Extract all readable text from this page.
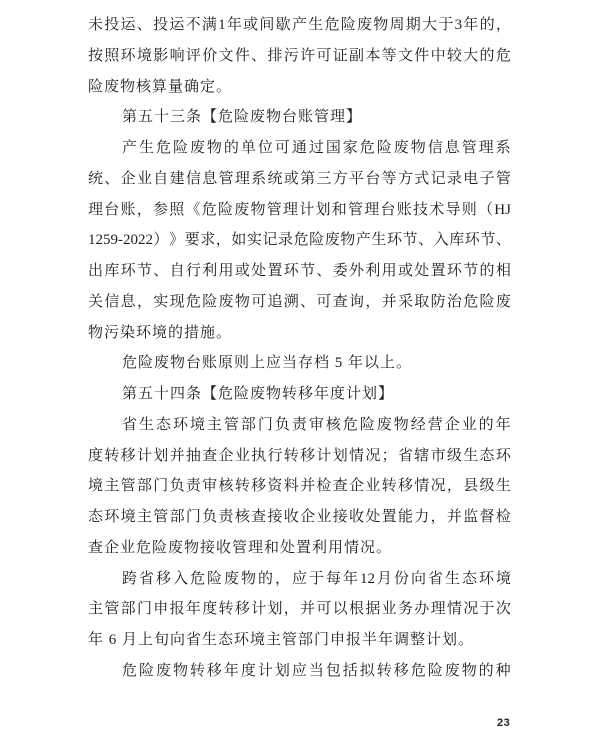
未 投 运 、 投 运 不 满 1 年 或 间 歇 产 生 危 险 废 物 周 期 大 于 3 年 的 ，
按 照 环 境 影 响 评 价 文 件 、 排 污 许 可 证 副 本 等 文 件 中 较 大 的 危
险废物核算量确定。
第五十三条【危险废物台账管理】
产 生 危 险 废 物 的 单 位 可 通 过 国 家 危 险 废 物 信 息 管 理 系
统 、 企 业 自 建 信 息 管 理 系 统 或 第 三 方 平 台 等 方 式 记 录 电 子 管
理 台 账 ， 参 照 《 危 险 废 物 管 理 计 划 和 管 理 台 账 技 术 导 则 （ HJ
1259-2022 ） 》 要 求 ， 如 实 记 录 危 险 废 物 产 生 环 节 、 入 库 环 节 、
出 库 环 节 、 自 行 利 用 或 处 置 环 节 、 委 外 利 用 或 处 置 环 节 的 相
关 信 息 ， 实 现 危 险 废 物 可 追 溯 、 可 查 询 ， 并 采 取 防 治 危 险 废
物污染环境的措施。
危险废物台账原则上应当存档 5 年以上。
第五十四条【危险废物转移年度计划】
省 生 态 环 境 主 管 部 门 负 责 审 核 危 险 废 物 经 营 企 业 的 年
度 转 移 计 划 并 抽 查 企 业 执 行 转 移 计 划 情 况 ； 省 辖 市 级 生 态 环
境 主 管 部 门 负 责 审 核 转 移 资 料 并 检 查 企 业 转 移 情 况 ， 县 级 生
态 环 境 主 管 部 门 负 责 核 查 接 收 企 业 接 收 处 置 能 力 ， 并 监 督 检
查企业危险废物接收管理和处置利用情况。
跨 省 移 入 危 险 废 物 的 ， 应 于 每 年 12 月 份 向 省 生 态 环 境
主 管 部 门 申 报 年 度 转 移 计 划 ， 并 可 以 根 据 业 务 办 理 情 况 于 次
年 6 月上旬向省生态环境主管部门申报半年调整计划。
危 险 废 物 转 移 年 度 计 划 应 当 包 括 拟 转 移 危 险 废 物 的 种
23
